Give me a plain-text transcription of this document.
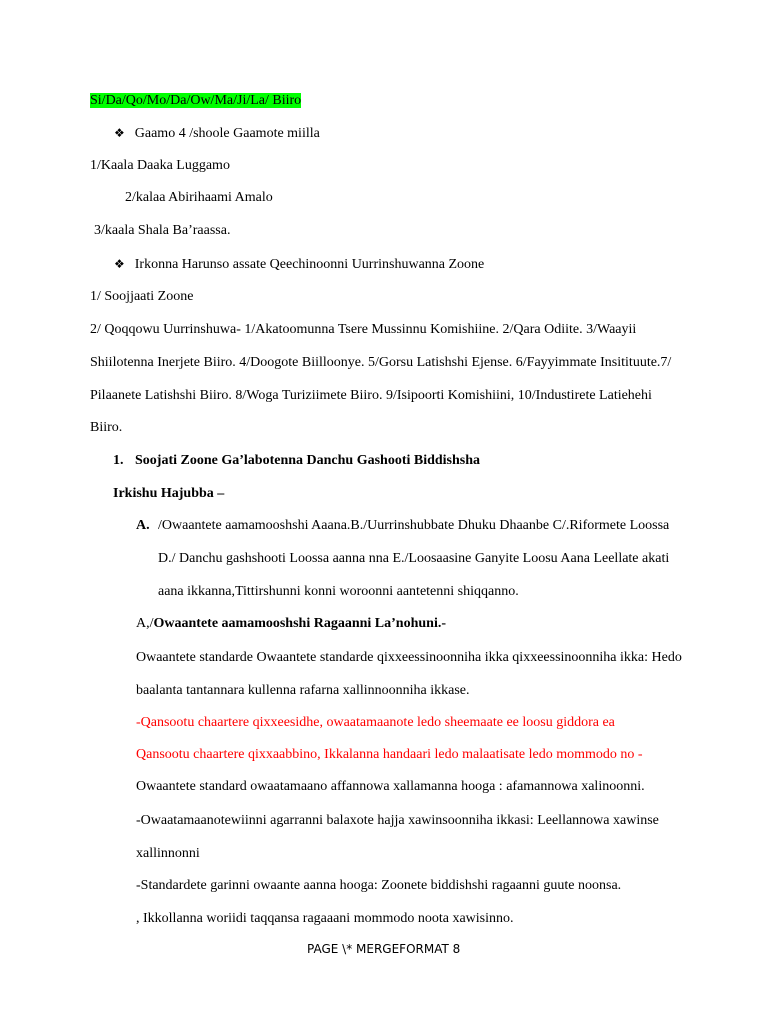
Si/Da/Qo/Mo/Da/Ow/Ma/Ji/La/ Biiro
❖ Gaamo 4 /shoole Gaamote miilla
1/Kaala Daaka Luggamo
2/kalaa Abirihaami Amalo
3/kaala Shala Ba’raassa.
❖ Irkonna Harunso assate Qeechinoonni Uurrinshuwanna Zoone
1/ Soojjaati Zoone
2/ Qoqqowu Uurrinshuwa- 1/Akatoomunna Tsere Mussinnu Komishiine. 2/Qara Odiite. 3/Waayii
Shiilotenna Inerjete Biiro. 4/Doogote Biilloonye. 5/Gorsu Latishshi Ejense. 6/Fayyimmate Insitituute.7/
Pilaanete Latishshi Biiro. 8/Woga Turiziimete Biiro. 9/Isipoorti Komishiini, 10/Industirete Latiehehi
Biiro.
1. Soojati Zoone Ga’labotenna Danchu Gashooti Biddishsha
Irkishu Hajubba –
A. /Owaantete aamamooshshi Aaana.B./Uurrinshubbate Dhuku Dhaanbe C/.Riformete Loossa
D./ Danchu gashshooti Loossa aanna nna E./Loosaasine Ganyite Loosu Aana Leellate akati
aana ikkanna,Tittirshunni konni woroonni aantetenni shiqqanno.
A,/Owaantete aamamooshshi Ragaanni La’nohuni.-
Owaantete standarde Owaantete standarde qixxeessinoonniha ikka qixxeessinoonniha ikka: Hedo
baalanta tantannara kullenna rafarna xallinnoonniha ikkase.
-Qansootu chaartere qixxeesidhe, owaatamaanote ledo sheemaate ee loosu giddora ea
Qansootu chaartere qixxaabbino, Ikkalanna handaari ledo malaatisate ledo mommodo no -
Owaantete standard owaatamaano affannowa xallamanna hooga : afamannowa xalinoonni.
-Owaatamaanotewiinni agarranni balaxote hajja xawinsoonniha ikkasi: Leellannowa xawinse
xallinnonni
-Standardete garinni owaante aanna hooga: Zoonete biddishshi ragaanni guute noonsa.
, Ikkollanna woriidi taqqansa ragaaani mommodo noota xawisinno.
PAGE \* MERGEFORMAT 8
